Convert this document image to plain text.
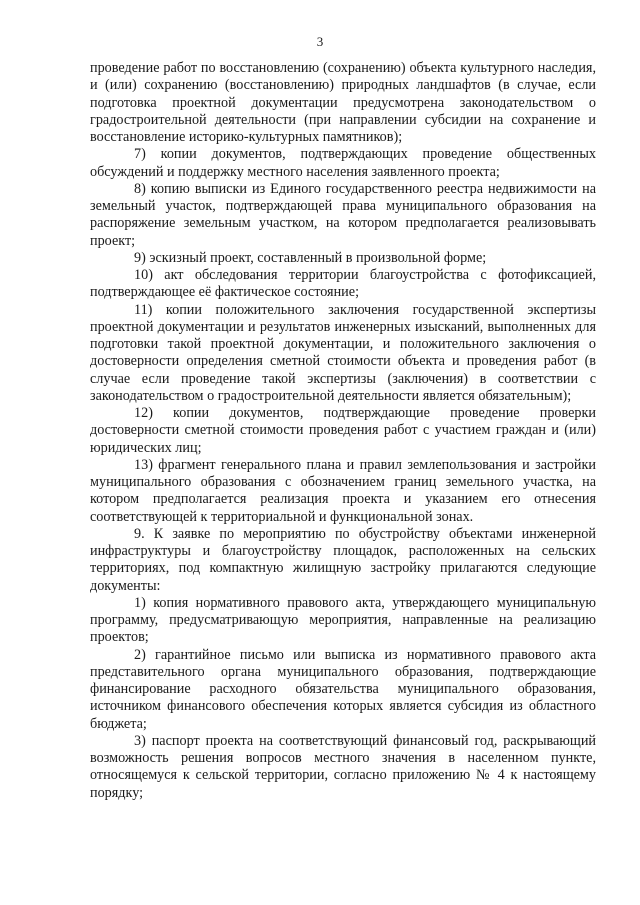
3

проведение работ по восстановлению (сохранению) объекта культурного наследия, и (или) сохранению (восстановлению) природных ландшафтов (в случае, если подготовка проектной документации предусмотрена законодательством о градостроительной деятельности (при направлении субсидии на сохранение и восстановление историко-культурных памятников);

7) копии документов, подтверждающих проведение общественных обсуждений и поддержку местного населения заявленного проекта;

8) копию выписки из Единого государственного реестра недвижимости на земельный участок, подтверждающей права муниципального образования на распоряжение земельным участком, на котором предполагается реализовывать проект;

9) эскизный проект, составленный в произвольной форме;

10) акт обследования территории благоустройства с фотофиксацией, подтверждающее её фактическое состояние;

11) копии положительного заключения государственной экспертизы проектной документации и результатов инженерных изысканий, выполненных для подготовки такой проектной документации, и положительного заключения о достоверности определения сметной стоимости объекта и проведения работ (в случае если проведение такой экспертизы (заключения) в соответствии с законодательством о градостроительной деятельности является обязательным);

12) копии документов, подтверждающие проведение проверки достоверности сметной стоимости проведения работ с участием граждан и (или) юридических лиц;

13) фрагмент генерального плана и правил землепользования и застройки муниципального образования с обозначением границ земельного участка, на котором предполагается реализация проекта и указанием его отнесения соответствующей к территориальной и функциональной зонах.

9. К заявке по мероприятию по обустройству объектами инженерной инфраструктуры и благоустройству площадок, расположенных на сельских территориях, под компактную жилищную застройку прилагаются следующие документы:

1) копия нормативного правового акта, утверждающего муниципальную программу, предусматривающую мероприятия, направленные на реализацию проектов;

2) гарантийное письмо или выписка из нормативного правового акта представительного органа муниципального образования, подтверждающие финансирование расходного обязательства муниципального образования, источником финансового обеспечения которых является субсидия из областного бюджета;

3) паспорт проекта на соответствующий финансовый год, раскрывающий возможность решения вопросов местного значения в населенном пункте, относящемуся к сельской территории, согласно приложению № 4 к настоящему порядку;
